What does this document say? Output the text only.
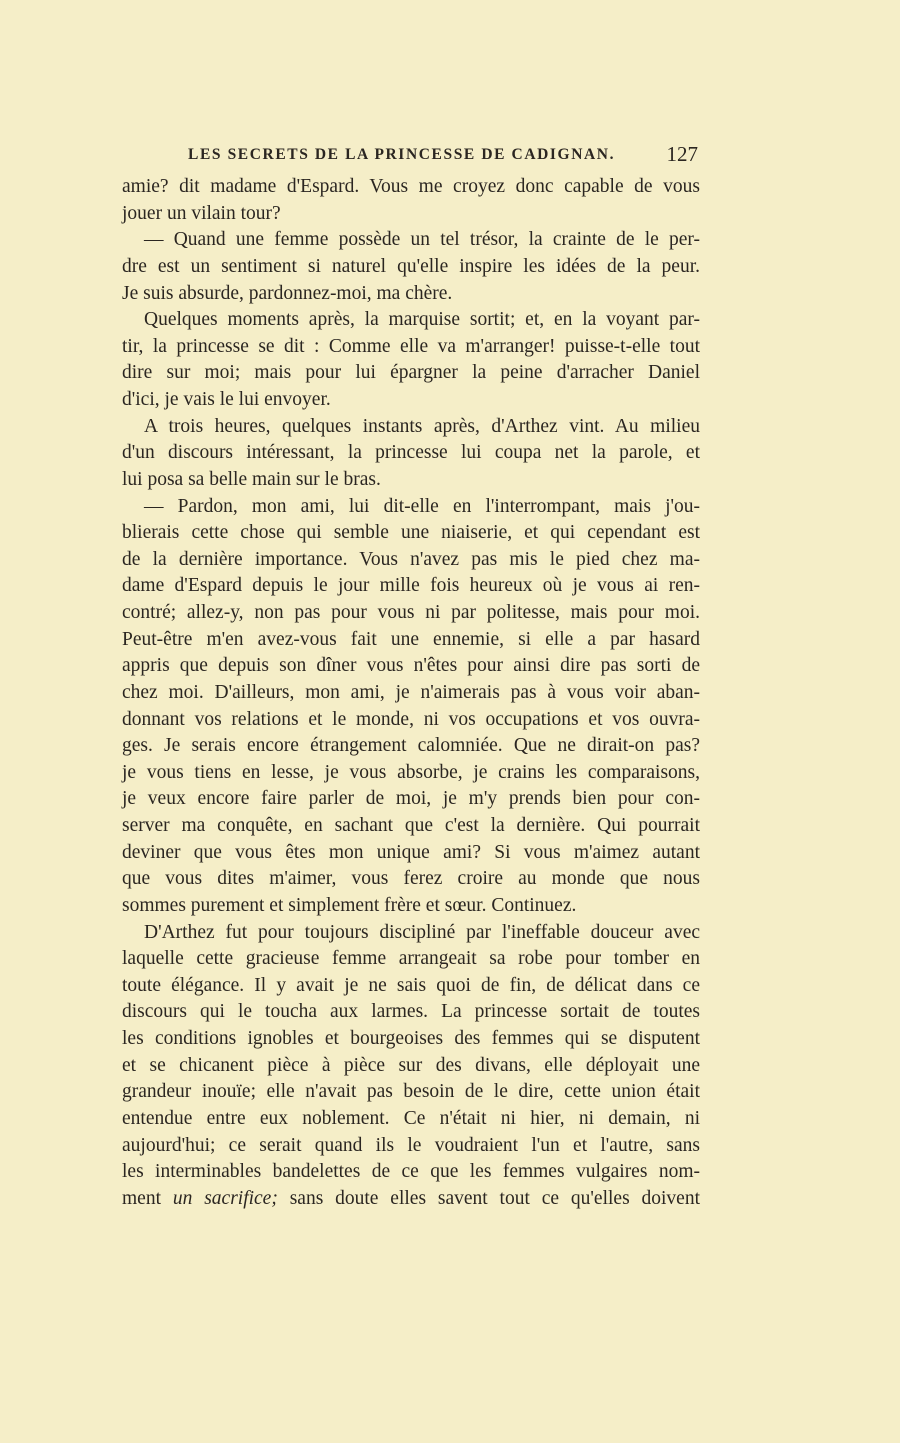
LES SECRETS DE LA PRINCESSE DE CADIGNAN. 127
amie? dit madame d'Espard. Vous me croyez donc capable de vous
jouer un vilain tour?
— Quand une femme possède un tel trésor, la crainte de le per-
dre est un sentiment si naturel qu'elle inspire les idées de la peur.
Je suis absurde, pardonnez-moi, ma chère.
Quelques moments après, la marquise sortit; et, en la voyant par-
tir, la princesse se dit : Comme elle va m'arranger! puisse-t-elle tout
dire sur moi; mais pour lui épargner la peine d'arracher Daniel
d'ici, je vais le lui envoyer.
A trois heures, quelques instants après, d'Arthez vint. Au milieu
d'un discours intéressant, la princesse lui coupa net la parole, et
lui posa sa belle main sur le bras.
— Pardon, mon ami, lui dit-elle en l'interrompant, mais j'ou-
blierais cette chose qui semble une niaiserie, et qui cependant est
de la dernière importance. Vous n'avez pas mis le pied chez ma-
dame d'Espard depuis le jour mille fois heureux où je vous ai ren-
contré; allez-y, non pas pour vous ni par politesse, mais pour moi.
Peut-être m'en avez-vous fait une ennemie, si elle a par hasard
appris que depuis son dîner vous n'êtes pour ainsi dire pas sorti de
chez moi. D'ailleurs, mon ami, je n'aimerais pas à vous voir aban-
donnant vos relations et le monde, ni vos occupations et vos ouvra-
ges. Je serais encore étrangement calomniée. Que ne dirait-on pas?
je vous tiens en lesse, je vous absorbe, je crains les comparaisons,
je veux encore faire parler de moi, je m'y prends bien pour con-
server ma conquête, en sachant que c'est la dernière. Qui pourrait
deviner que vous êtes mon unique ami? Si vous m'aimez autant
que vous dites m'aimer, vous ferez croire au monde que nous
sommes purement et simplement frère et sœur. Continuez.
D'Arthez fut pour toujours discipliné par l'ineffable douceur avec
laquelle cette gracieuse femme arrangeait sa robe pour tomber en
toute élégance. Il y avait je ne sais quoi de fin, de délicat dans ce
discours qui le toucha aux larmes. La princesse sortait de toutes
les conditions ignobles et bourgeoises des femmes qui se disputent
et se chicanent pièce à pièce sur des divans, elle déployait une
grandeur inouïe; elle n'avait pas besoin de le dire, cette union était
entendue entre eux noblement. Ce n'était ni hier, ni demain, ni
aujourd'hui; ce serait quand ils le voudraient l'un et l'autre, sans
les interminables bandelettes de ce que les femmes vulgaires nom-
ment un sacrifice; sans doute elles savent tout ce qu'elles doivent
